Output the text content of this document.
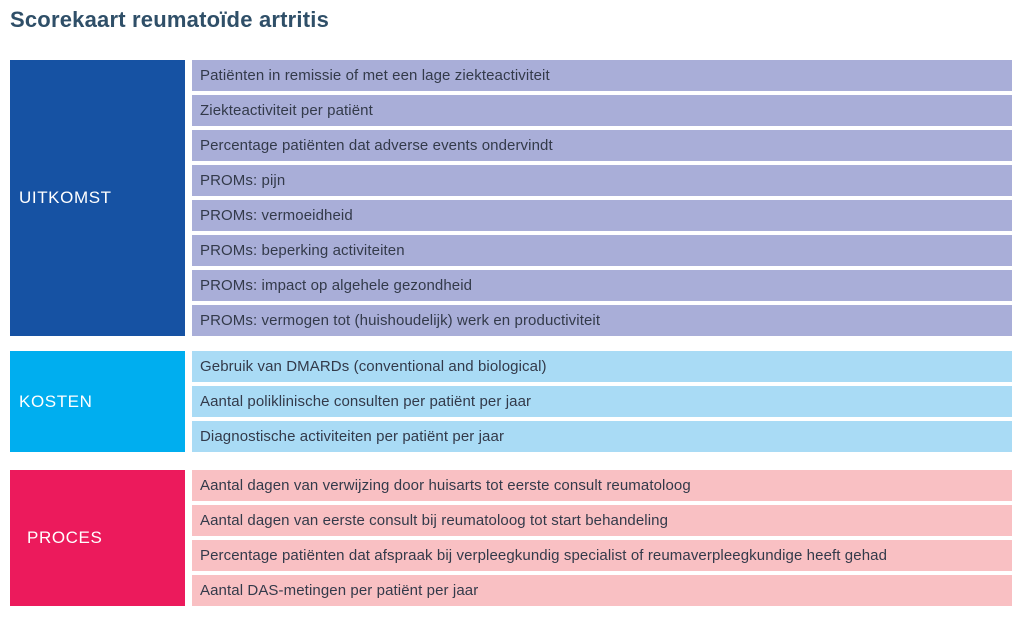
Scorekaart reumatoïde artritis
UITKOMST
Patiënten in remissie of met een lage ziekteactiviteit
Ziekteactiviteit per patiënt
Percentage patiënten dat adverse events ondervindt
PROMs: pijn
PROMs: vermoeidheid
PROMs: beperking activiteiten
PROMs: impact op algehele gezondheid
PROMs: vermogen tot (huishoudelijk) werk en productiviteit
KOSTEN
Gebruik van DMARDs (conventional and biological)
Aantal poliklinische consulten per patiënt per jaar
Diagnostische activiteiten per patiënt per jaar
PROCES
Aantal dagen van verwijzing door huisarts tot eerste consult reumatoloog
Aantal dagen van eerste consult bij reumatoloog tot start behandeling
Percentage patiënten dat afspraak bij verpleegkundig specialist of reumaverpleegkundige heeft gehad
Aantal DAS-metingen per patiënt per jaar
